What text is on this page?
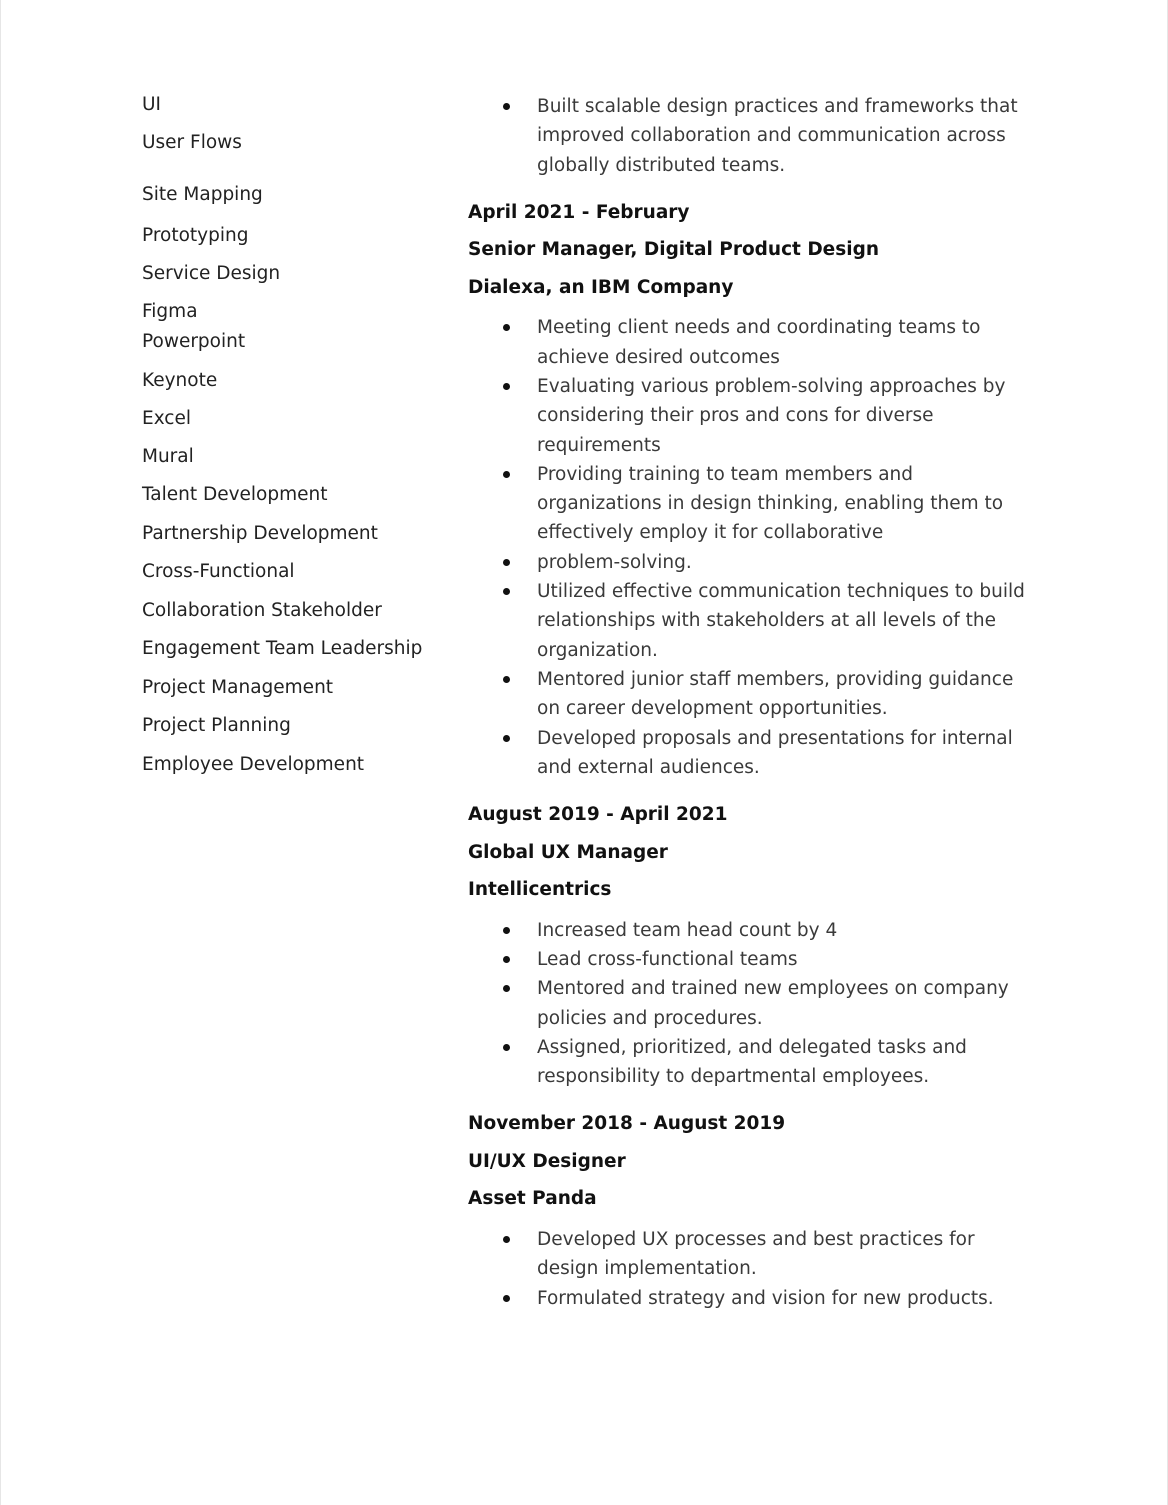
UI
User Flows
Site Mapping
Prototyping
Service Design
Figma
Powerpoint
Keynote
Excel
Mural
Talent Development
Partnership Development
Cross-Functional
Collaboration Stakeholder
Engagement Team Leadership
Project Management
Project Planning
Employee Development
Built scalable design practices and frameworks that improved collaboration and communication across globally distributed teams.
April 2021 - February
Senior Manager, Digital Product Design
Dialexa, an IBM Company
Meeting client needs and coordinating teams to achieve desired outcomes
Evaluating various problem-solving approaches by considering their pros and cons for diverse requirements
Providing training to team members and organizations in design thinking, enabling them to effectively employ it for collaborative
problem-solving.
Utilized effective communication techniques to build relationships with stakeholders at all levels of the organization.
Mentored junior staff members, providing guidance on career development opportunities.
Developed proposals and presentations for internal and external audiences.
August 2019 - April 2021
Global UX Manager
Intellicentrics
Increased team head count by 4
Lead cross-functional teams
Mentored and trained new employees on company policies and procedures.
Assigned, prioritized, and delegated tasks and responsibility to departmental employees.
November 2018 - August 2019
UI/UX Designer
Asset Panda
Developed UX processes and best practices for design implementation.
Formulated strategy and vision for new products.
